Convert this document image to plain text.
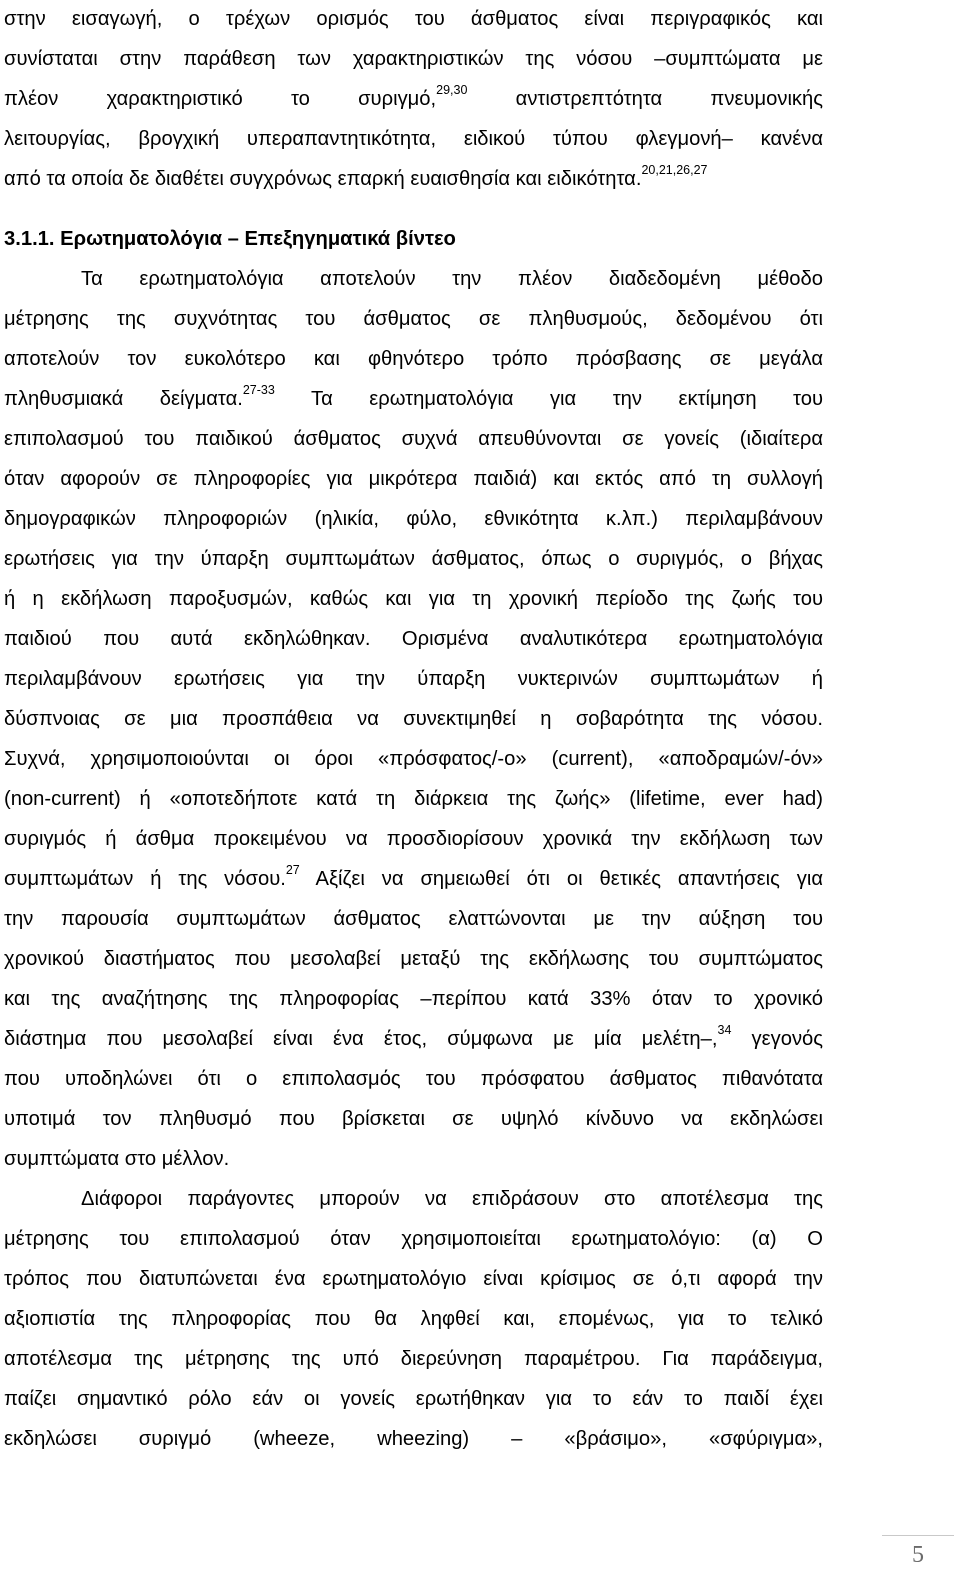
στην εισαγωγή, ο τρέχων ορισμός του άσθματος είναι περιγραφικός και
συνίσταται στην παράθεση των χαρακτηριστικών της νόσου –συμπτώματα με
πλέον χαρακτηριστικό το συριγμό,$^{29,30}$ αντιστρεπτότητα πνευμονικής
λειτουργίας, βρογχική υπεραπαντητικότητα, ειδικού τύπου φλεγμονή– κανένα
από τα οποία δε διαθέτει συγχρόνως επαρκή ευαισθησία και ειδικότητα.$^{20,21,26,27}$
3.1.1. Ερωτηματολόγια – Επεξηγηματικά βίντεο
Τα ερωτηματολόγια αποτελούν την πλέον διαδεδομένη μέθοδο
μέτρησης της συχνότητας του άσθματος σε πληθυσμούς, δεδομένου ότι
αποτελούν τον ευκολότερο και φθηνότερο τρόπο πρόσβασης σε μεγάλα
πληθυσμιακά δείγματα.$^{27-33}$ Τα ερωτηματολόγια για την εκτίμηση του
επιπολασμού του παιδικού άσθματος συχνά απευθύνονται σε γονείς (ιδιαίτερα
όταν αφορούν σε πληροφορίες για μικρότερα παιδιά) και εκτός από τη συλλογή
δημογραφικών πληροφοριών (ηλικία, φύλο, εθνικότητα κ.λπ.) περιλαμβάνουν
ερωτήσεις για την ύπαρξη συμπτωμάτων άσθματος, όπως ο συριγμός, ο βήχας
ή η εκδήλωση παροξυσμών, καθώς και για τη χρονική περίοδο της ζωής του
παιδιού που αυτά εκδηλώθηκαν. Ορισμένα αναλυτικότερα ερωτηματολόγια
περιλαμβάνουν ερωτήσεις για την ύπαρξη νυκτερινών συμπτωμάτων ή
δύσπνοιας σε μια προσπάθεια να συνεκτιμηθεί η σοβαρότητα της νόσου.
Συχνά, χρησιμοποιούνται οι όροι «πρόσφατος/-ο» (current), «αποδραμών/-όν»
(non-current) ή «οποτεδήποτε κατά τη διάρκεια της ζωής» (lifetime, ever had)
συριγμός ή άσθμα προκειμένου να προσδιορίσουν χρονικά την εκδήλωση των
συμπτωμάτων ή της νόσου.$^{27}$ Αξίζει να σημειωθεί ότι οι θετικές απαντήσεις για
την παρουσία συμπτωμάτων άσθματος ελαττώνονται με την αύξηση του
χρονικού διαστήματος που μεσολαβεί μεταξύ της εκδήλωσης του συμπτώματος
και της αναζήτησης της πληροφορίας –περίπου κατά 33% όταν το χρονικό
διάστημα που μεσολαβεί είναι ένα έτος, σύμφωνα με μία μελέτη–,$^{34}$ γεγονός
που υποδηλώνει ότι ο επιπολασμός του πρόσφατου άσθματος πιθανότατα
υποτιμά τον πληθυσμό που βρίσκεται σε υψηλό κίνδυνο να εκδηλώσει
συμπτώματα στο μέλλον.
Διάφοροι παράγοντες μπορούν να επιδράσουν στο αποτέλεσμα της
μέτρησης του επιπολασμού όταν χρησιμοποιείται ερωτηματολόγιο: (α) Ο
τρόπος που διατυπώνεται ένα ερωτηματολόγιο είναι κρίσιμος σε ό,τι αφορά την
αξιοπιστία της πληροφορίας που θα ληφθεί και, επομένως, για το τελικό
αποτέλεσμα της μέτρησης της υπό διερεύνηση παραμέτρου. Για παράδειγμα,
παίζει σημαντικό ρόλο εάν οι γονείς ερωτήθηκαν για το εάν το παιδί έχει
εκδηλώσει συριγμό (wheeze, wheezing) – «βράσιμο», «σφύριγμα»,
5
